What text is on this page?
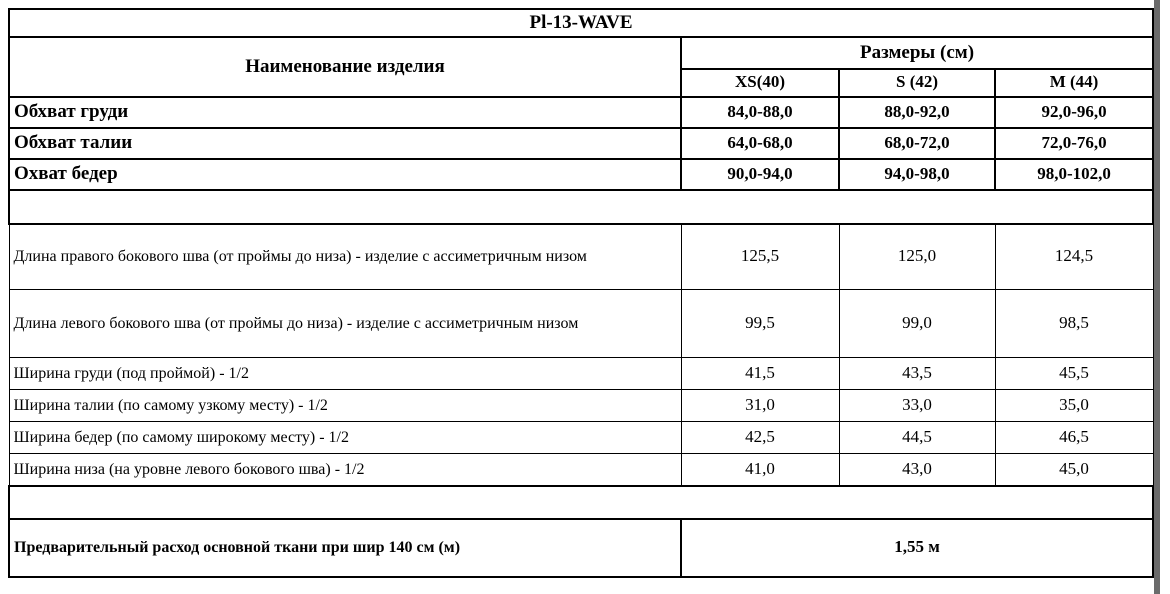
Pl-13-WAVE			
Наименование изделия	Размеры (см)		
	XS(40)	S (42)	M (44)
Обхват груди	84,0-88,0	88,0-92,0	92,0-96,0
Обхват талии	64,0-68,0	68,0-72,0	72,0-76,0
Охват бедер	90,0-94,0	94,0-98,0	98,0-102,0

Длина правого бокового шва (от проймы до низа) - изделие с ассиметричным низом	125,5	125,0	124,5
Длина левого бокового шва (от проймы до низа) - изделие с ассиметричным низом	99,5	99,0	98,5
Ширина груди (под проймой) - 1/2	41,5	43,5	45,5
Ширина талии (по самому узкому месту) - 1/2	31,0	33,0	35,0
Ширина бедер (по самому широкому месту) - 1/2	42,5	44,5	46,5
Ширина низа (на уровне левого бокового шва) - 1/2	41,0	43,0	45,0

Предварительный расход основной ткани при шир 140 см (м)	1,55 м		
